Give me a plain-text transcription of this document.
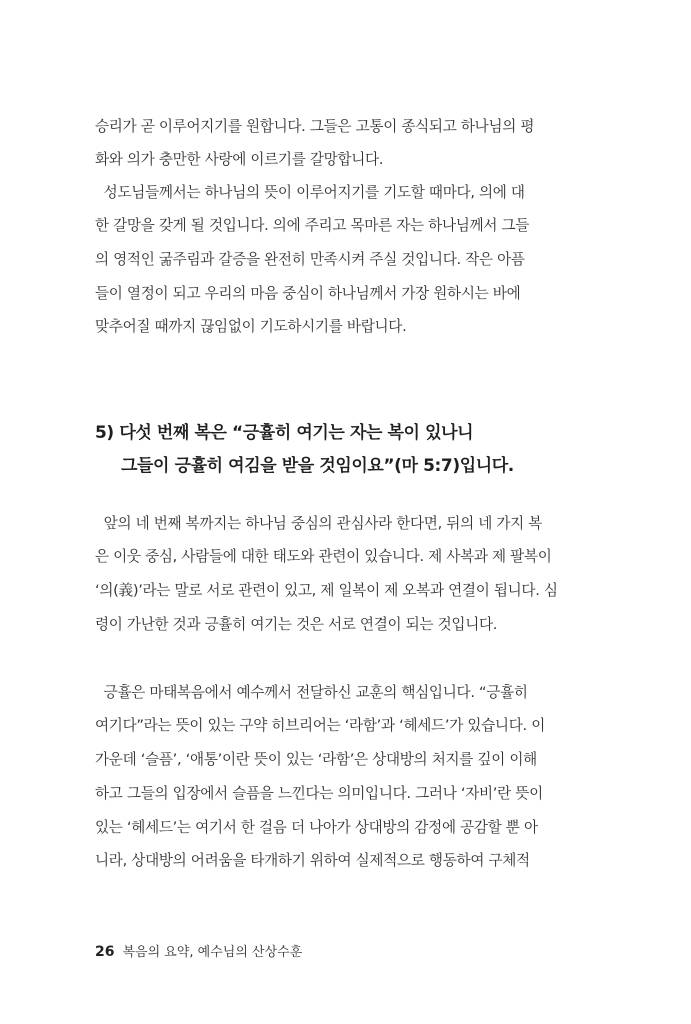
승리가 곧 이루어지기를 원합니다. 그들은 고통이 종식되고 하나님의 평
화와 의가 충만한 사랑에 이르기를 갈망합니다.
성도님들께서는 하나님의 뜻이 이루어지기를 기도할 때마다, 의에 대
한 갈망을 갖게 될 것입니다. 의에 주리고 목마른 자는 하나님께서 그들
의 영적인 굶주림과 갈증을 완전히 만족시켜 주실 것입니다. 작은 아픔
들이 열정이 되고 우리의 마음 중심이 하나님께서 가장 원하시는 바에
맞추어질 때까지 끊임없이 기도하시기를 바랍니다.
5) 다섯 번째 복은 “긍휼히 여기는 자는 복이 있나니
그들이 긍휼히 여김을 받을 것임이요”(마 5:7)입니다.
앞의 네 번째 복까지는 하나님 중심의 관심사라 한다면, 뒤의 네 가지 복
은 이웃 중심, 사람들에 대한 태도와 관련이 있습니다. 제 사복과 제 팔복이
‘의(義)’라는 말로 서로 관련이 있고, 제 일복이 제 오복과 연결이 됩니다. 심
령이 가난한 것과 긍휼히 여기는 것은 서로 연결이 되는 것입니다.
긍휼은 마태복음에서 예수께서 전달하신 교훈의 핵심입니다. “긍휼히
여기다”라는 뜻이 있는 구약 히브리어는 ‘라함’과 ‘헤세드’가 있습니다. 이
가운데 ‘슬픔’, ‘애통’이란 뜻이 있는 ‘라함’은 상대방의 처지를 깊이 이해
하고 그들의 입장에서 슬픔을 느낀다는 의미입니다. 그러나 ‘자비’란 뜻이
있는 ‘헤세드’는 여기서 한 걸음 더 나아가 상대방의 감정에 공감할 뿐 아
니라, 상대방의 어려움을 타개하기 위하여 실제적으로 행동하여 구체적
26 복음의 요약, 예수님의 산상수훈
